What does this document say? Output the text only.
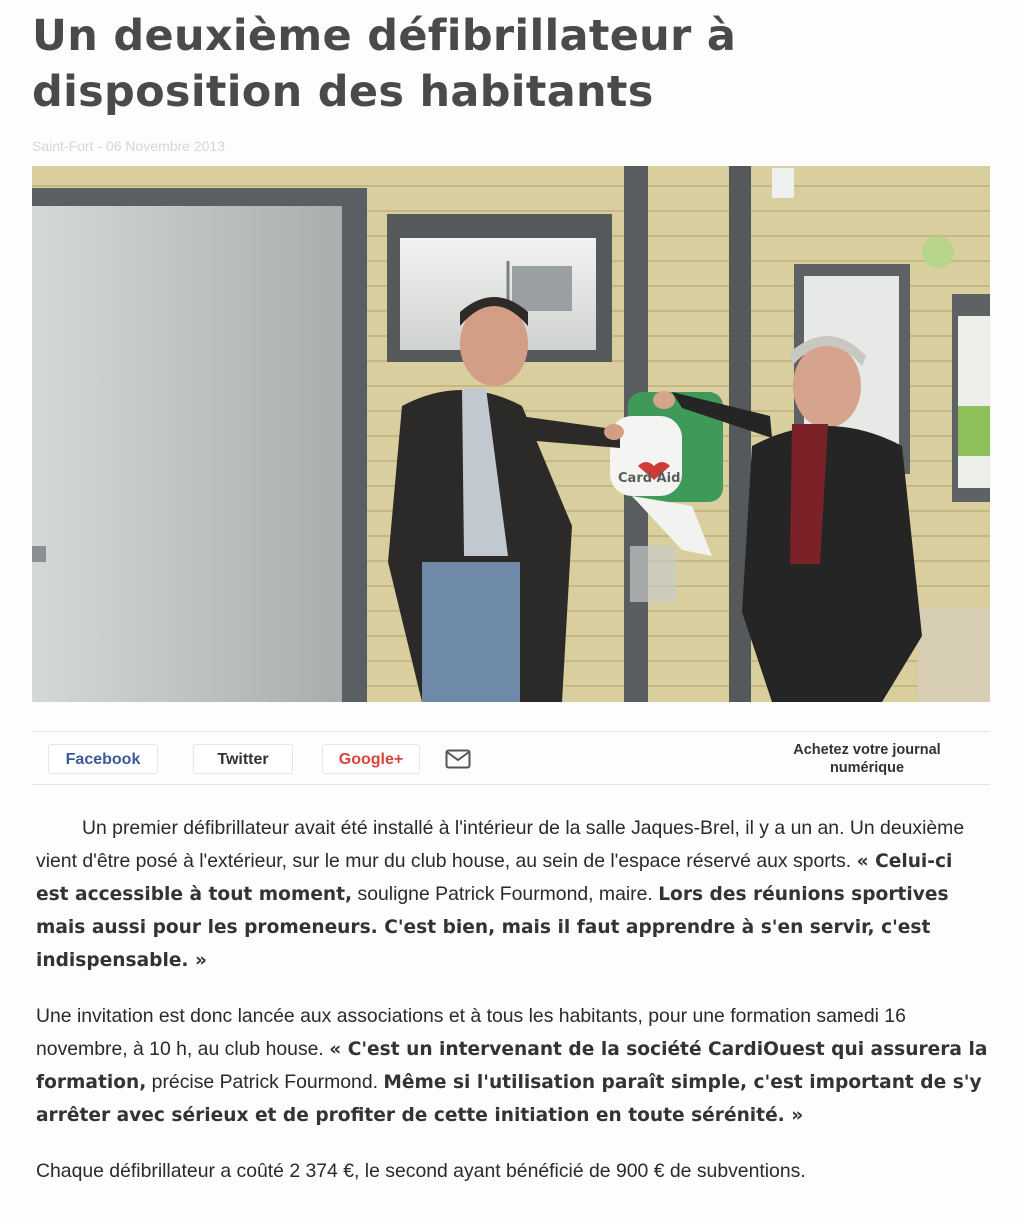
Un deuxième défibrillateur à disposition des habitants
Saint-Fort - 06 Novembre 2013
Card Aid
Facebook	Twitter	Google+
Achetez votre journal
numérique

Un premier défibrillateur avait été installé à l'intérieur de la salle Jaques-Brel, il y a un an. Un deuxième vient d'être posé à l'extérieur, sur le mur du club house, au sein de l'espace réservé aux sports. « Celui-ci est accessible à tout moment, souligne Patrick Fourmond, maire. Lors des réunions sportives mais aussi pour les promeneurs. C'est bien, mais il faut apprendre à s'en servir, c'est indispensable. »

Une invitation est donc lancée aux associations et à tous les habitants, pour une formation samedi 16 novembre, à 10 h, au club house. « C'est un intervenant de la société CardiOuest qui assurera la formation, précise Patrick Fourmond. Même si l'utilisation paraît simple, c'est important de s'y arrêter avec sérieux et de profiter de cette initiation en toute sérénité. »

Chaque défibrillateur a coûté 2 374 €, le second ayant bénéficié de 900 € de subventions.
